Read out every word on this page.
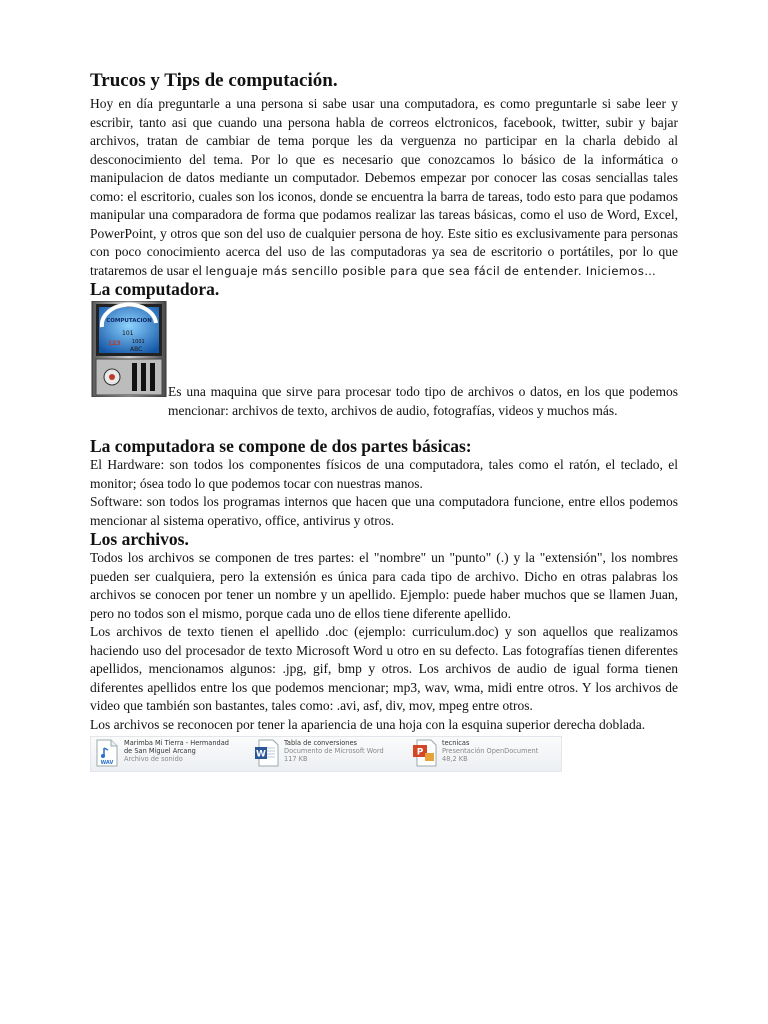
Trucos y Tips de computación.

Hoy en día preguntarle a una persona si sabe usar una computadora, es como preguntarle si sabe leer y escribir, tanto asi que cuando una persona habla de correos elctronicos, facebook, twitter, subir y bajar archivos, tratan de cambiar de tema porque les da verguenza no participar en la charla debido al desconocimiento del tema. Por lo que es necesario que conozcamos lo básico de la informática o manipulacion de datos mediante un computador. Debemos empezar por conocer las cosas senciallas tales como: el escritorio, cuales son los iconos, donde se encuentra la barra de tareas, todo esto para que podamos manipular una comparadora de forma que podamos realizar las tareas básicas, como el uso de Word, Excel, PowerPoint, y otros que son del uso de cualquier persona de hoy. Este sitio es exclusivamente para personas con poco conocimiento acerca del uso de las computadoras ya sea de escritorio o portátiles, por lo que trataremos de usar el lenguaje más sencillo posible para que sea fácil de entender. Iniciemos…

La computadora.
COMPUTACION
101
1001
123
ABC

Es una maquina que sirve para procesar todo tipo de archivos o datos, en los que podemos mencionar: archivos de texto, archivos de audio, fotografías, videos y muchos más.

La computadora se compone de dos partes básicas:

El Hardware: son todos los componentes físicos de una computadora, tales como el ratón, el teclado, el monitor; ósea todo lo que podemos tocar con nuestras manos.

Software: son todos los programas internos que hacen que una computadora funcione, entre ellos podemos mencionar al sistema operativo, office, antivirus y otros.

Los archivos.

Todos los archivos se componen de tres partes: el "nombre" un "punto" (.) y la "extensión", los nombres pueden ser cualquiera, pero la extensión es única para cada tipo de archivo. Dicho en otras palabras los archivos se conocen por tener un nombre y un apellido. Ejemplo: puede haber muchos que se llamen Juan, pero no todos son el mismo, porque cada uno de ellos tiene diferente apellido.

Los archivos de texto tienen el apellido .doc (ejemplo: curriculum.doc) y son aquellos que realizamos haciendo uso del procesador de texto Microsoft Word u otro en su defecto. Las fotografías tienen diferentes apellidos, mencionamos algunos: .jpg, gif, bmp y otros. Los archivos de audio de igual forma tienen diferentes apellidos entre los que podemos mencionar; mp3, wav, wma, midi entre otros. Y los archivos de video que también son bastantes, tales como: .avi, asf, div, mov, mpeg entre otros.

Los archivos se reconocen por tener la apariencia de una hoja con la esquina superior derecha doblada.

WAV
Marimba Mi Tierra - Hermandad
de San Miguel Arcang
Archivo de sonido	W
Tabla de conversiones
Documento de Microsoft Word
117 KB
P
tecnicas
Presentación OpenDocument
48,2 KB
